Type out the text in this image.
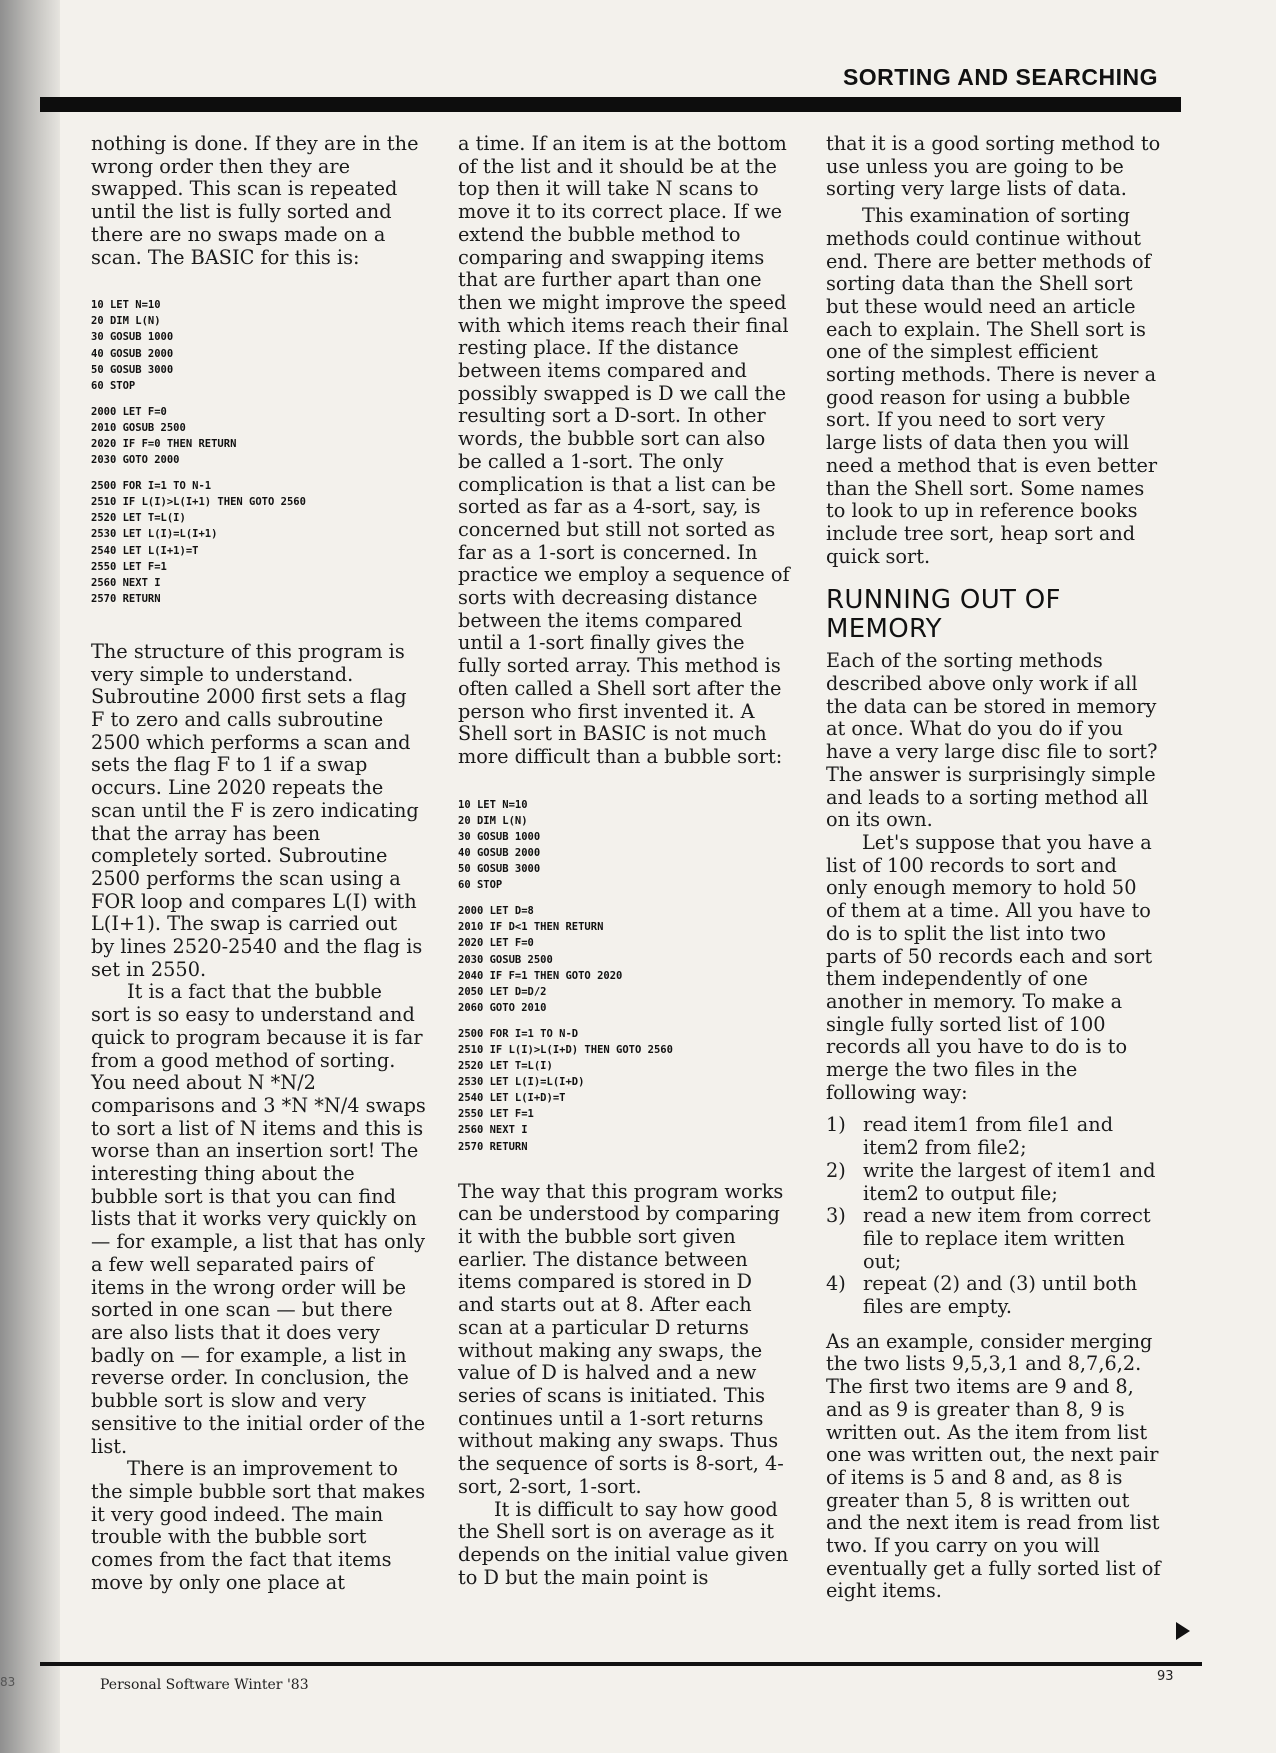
83
SORTING AND SEARCHING

nothing is done. If they are in the wrong order then they are swapped. This scan is repeated until the list is fully sorted and there are no swaps made on a scan. The BASIC for this is:

10 LET N=10
20 DIM L(N)
30 GOSUB 1000
40 GOSUB 2000
50 GOSUB 3000
60 STOP
2000 LET F=0
2010 GOSUB 2500
2020 IF F=0 THEN RETURN
2030 GOTO 2000
2500 FOR I=1 TO N-1
2510 IF L(I)>L(I+1) THEN GOTO 2560
2520 LET T=L(I)
2530 LET L(I)=L(I+1)
2540 LET L(I+1)=T
2550 LET F=1
2560 NEXT I
2570 RETURN

The structure of this program is very simple to understand. Subroutine 2000 first sets a flag F to zero and calls subroutine 2500 which performs a scan and sets the flag F to 1 if a swap occurs. Line 2020 repeats the scan until the F is zero indicating that the array has been completely sorted. Subroutine 2500 performs the scan using a FOR loop and compares L(I) with L(I+1). The swap is carried out by lines 2520-2540 and the flag is set in 2550.

It is a fact that the bubble sort is so easy to understand and quick to program because it is far from a good method of sorting. You need about N *N/2 comparisons and 3 *N *N/4 swaps to sort a list of N items and this is worse than an insertion sort! The interesting thing about the bubble sort is that you can find lists that it works very quickly on — for example, a list that has only a few well separated pairs of items in the wrong order will be sorted in one scan — but there are also lists that it does very badly on — for example, a list in reverse order. In conclusion, the bubble sort is slow and very sensitive to the initial order of the list.

There is an improvement to the simple bubble sort that makes it very good indeed. The main trouble with the bubble sort comes from the fact that items move by only one place at

a time. If an item is at the bottom of the list and it should be at the top then it will take N scans to move it to its correct place. If we extend the bubble method to comparing and swapping items that are further apart than one then we might improve the speed with which items reach their final resting place. If the distance between items compared and possibly swapped is D we call the resulting sort a D-sort. In other words, the bubble sort can also be called a 1-sort. The only complication is that a list can be sorted as far as a 4-sort, say, is concerned but still not sorted as far as a 1-sort is concerned. In practice we employ a sequence of sorts with decreasing distance between the items compared until a 1-sort finally gives the fully sorted array. This method is often called a Shell sort after the person who first invented it. A Shell sort in BASIC is not much more difficult than a bubble sort:

10 LET N=10
20 DIM L(N)
30 GOSUB 1000
40 GOSUB 2000
50 GOSUB 3000
60 STOP
2000 LET D=8
2010 IF D<1 THEN RETURN
2020 LET F=0
2030 GOSUB 2500
2040 IF F=1 THEN GOTO 2020
2050 LET D=D/2
2060 GOTO 2010
2500 FOR I=1 TO N-D
2510 IF L(I)>L(I+D) THEN GOTO 2560
2520 LET T=L(I)
2530 LET L(I)=L(I+D)
2540 LET L(I+D)=T
2550 LET F=1
2560 NEXT I
2570 RETURN

The way that this program works can be understood by comparing it with the bubble sort given earlier. The distance between items compared is stored in D and starts out at 8. After each scan at a particular D returns without making any swaps, the value of D is halved and a new series of scans is initiated. This continues until a 1-sort returns without making any swaps. Thus the sequence of sorts is 8-sort, 4-sort, 2-sort, 1-sort.

It is difficult to say how good the Shell sort is on average as it depends on the initial value given to D but the main point is

that it is a good sorting method to use unless you are going to be sorting very large lists of data.

This examination of sorting methods could continue without end. There are better methods of sorting data than the Shell sort but these would need an article each to explain. The Shell sort is one of the simplest efficient sorting methods. There is never a good reason for using a bubble sort. If you need to sort very large lists of data then you will need a method that is even better than the Shell sort. Some names to look to up in reference books include tree sort, heap sort and quick sort.

RUNNING OUT OF MEMORY

Each of the sorting methods described above only work if all the data can be stored in memory at once. What do you do if you have a very large disc file to sort? The answer is surprisingly simple and leads to a sorting method all on its own.

Let's suppose that you have a list of 100 records to sort and only enough memory to hold 50 of them at a time. All you have to do is to split the list into two parts of 50 records each and sort them independently of one another in memory. To make a single fully sorted list of 100 records all you have to do is to merge the two files in the following way:

1) read item1 from file1 and item2 from file2;
2) write the largest of item1 and item2 to output file;
3) read a new item from correct file to replace item written out;
4) repeat (2) and (3) until both files are empty.

As an example, consider merging the two lists 9,5,3,1 and 8,7,6,2. The first two items are 9 and 8, and as 9 is greater than 8, 9 is written out. As the item from list one was written out, the next pair of items is 5 and 8 and, as 8 is greater than 5, 8 is written out and the next item is read from list two. If you carry on you will eventually get a fully sorted list of eight items.

Personal Software Winter '83
93
